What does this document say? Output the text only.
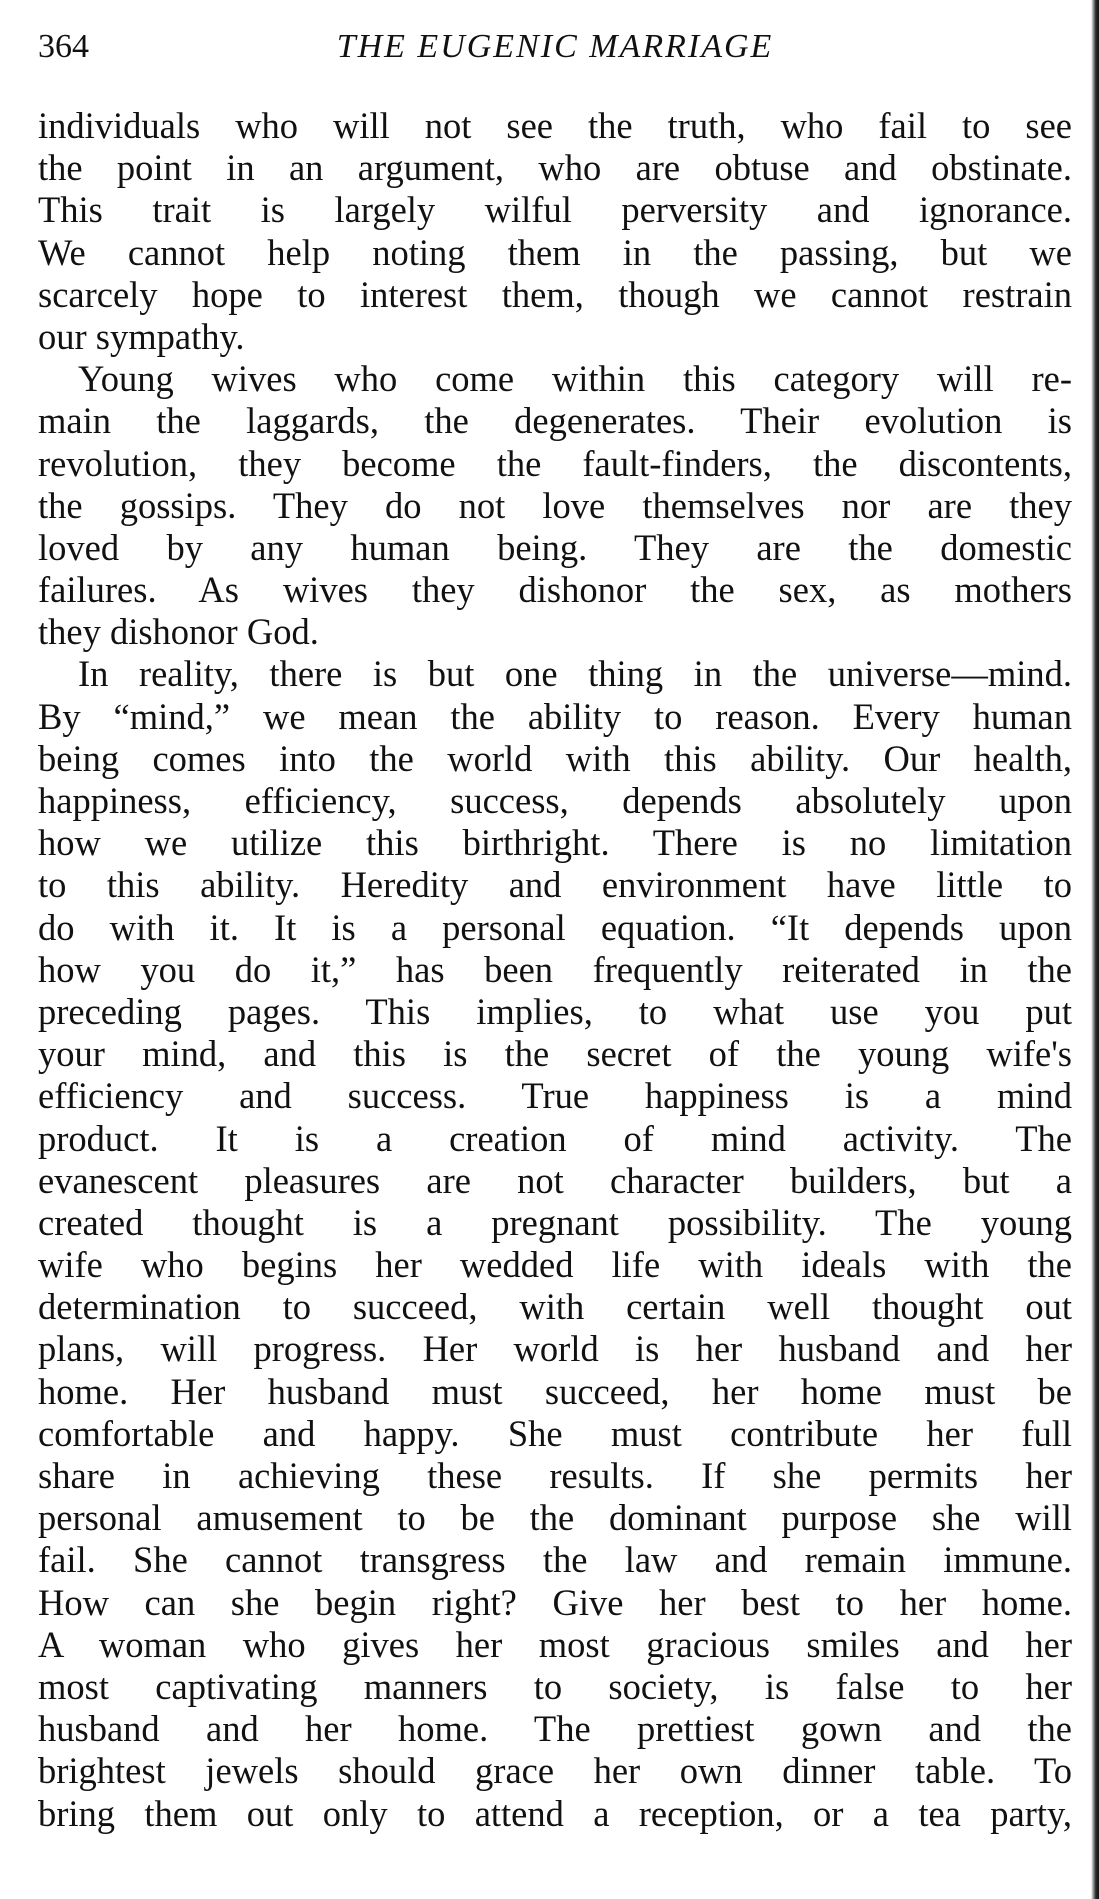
364	THE EUGENIC MARRIAGE
individuals who will not see the truth, who fail to see
the point in an argument, who are obtuse and obstinate.
This trait is largely wilful perversity and ignorance.
We cannot help noting them in the passing, but we
scarcely hope to interest them, though we cannot restrain
our sympathy.
Young wives who come within this category will re-
main the laggards, the degenerates. Their evolution is
revolution, they become the fault-finders, the discontents,
the gossips. They do not love themselves nor are they
loved by any human being. They are the domestic
failures. As wives they dishonor the sex, as mothers
they dishonor God.
In reality, there is but one thing in the universe—mind.
By “mind,” we mean the ability to reason. Every human
being comes into the world with this ability. Our health,
happiness, efficiency, success, depends absolutely upon
how we utilize this birthright. There is no limitation
to this ability. Heredity and environment have little to
do with it. It is a personal equation. “It depends upon
how you do it,” has been frequently reiterated in the
preceding pages. This implies, to what use you put
your mind, and this is the secret of the young wife's
efficiency and success. True happiness is a mind
product. It is a creation of mind activity. The
evanescent pleasures are not character builders, but a
created thought is a pregnant possibility. The young
wife who begins her wedded life with ideals with the
determination to succeed, with certain well thought out
plans, will progress. Her world is her husband and her
home. Her husband must succeed, her home must be
comfortable and happy. She must contribute her full
share in achieving these results. If she permits her
personal amusement to be the dominant purpose she will
fail. She cannot transgress the law and remain immune.
How can she begin right? Give her best to her home.
A woman who gives her most gracious smiles and her
most captivating manners to society, is false to her
husband and her home. The prettiest gown and the
brightest jewels should grace her own dinner table. To
bring them out only to attend a reception, or a tea party,
